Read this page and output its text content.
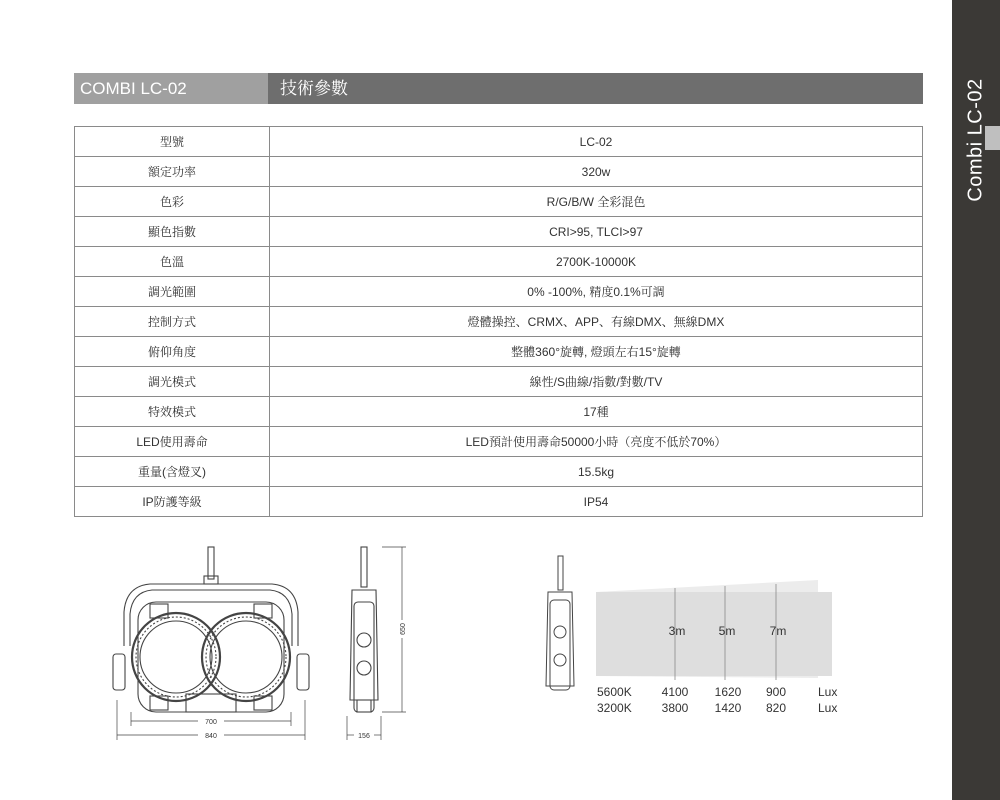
Combi LC-02
COMBI LC-02	技術參數
型號	LC-02
額定功率	320w
色彩	R/G/B/W 全彩混色
顯色指數	CRI>95, TLCI>97
色溫	2700K-10000K
調光範圍	0% -100%, 精度0.1%可調
控制方式	燈體操控、CRMX、APP、有線DMX、無線DMX
俯仰角度	整體360°旋轉, 燈頭左右15°旋轉
調光模式	線性/S曲線/指數/對數/TV
特效模式	17種
LED使用壽命	LED預計使用壽命50000小時（亮度不低於70%）
重量(含燈叉)	15.5kg
IP防護等級	IP54
700
840
650
156
3m	5m	7m
5600K 4100 1620 900	Lux
3200K 3800 1420 820	Lux
